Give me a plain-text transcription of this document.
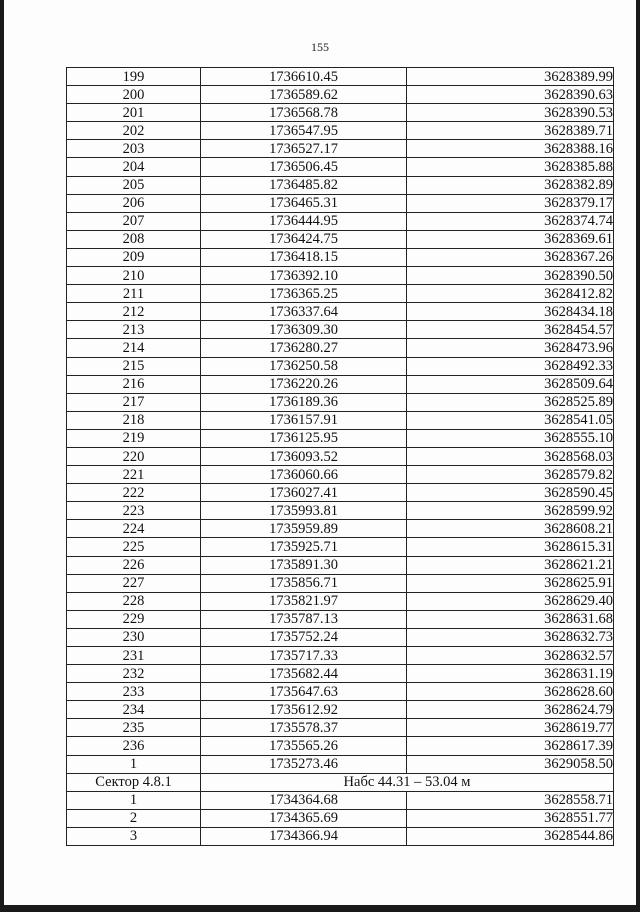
155
199	1736610.45	3628389.99
200	1736589.62	3628390.63
201	1736568.78	3628390.53
202	1736547.95	3628389.71
203	1736527.17	3628388.16
204	1736506.45	3628385.88
205	1736485.82	3628382.89
206	1736465.31	3628379.17
207	1736444.95	3628374.74
208	1736424.75	3628369.61
209	1736418.15	3628367.26
210	1736392.10	3628390.50
211	1736365.25	3628412.82
212	1736337.64	3628434.18
213	1736309.30	3628454.57
214	1736280.27	3628473.96
215	1736250.58	3628492.33
216	1736220.26	3628509.64
217	1736189.36	3628525.89
218	1736157.91	3628541.05
219	1736125.95	3628555.10
220	1736093.52	3628568.03
221	1736060.66	3628579.82
222	1736027.41	3628590.45
223	1735993.81	3628599.92
224	1735959.89	3628608.21
225	1735925.71	3628615.31
226	1735891.30	3628621.21
227	1735856.71	3628625.91
228	1735821.97	3628629.40
229	1735787.13	3628631.68
230	1735752.24	3628632.73
231	1735717.33	3628632.57
232	1735682.44	3628631.19
233	1735647.63	3628628.60
234	1735612.92	3628624.79
235	1735578.37	3628619.77
236	1735565.26	3628617.39
1	1735273.46	3629058.50
Сектор 4.8.1	Набс 44.31 – 53.04 м	
1	1734364.68	3628558.71
2	1734365.69	3628551.77
3	1734366.94	3628544.86
